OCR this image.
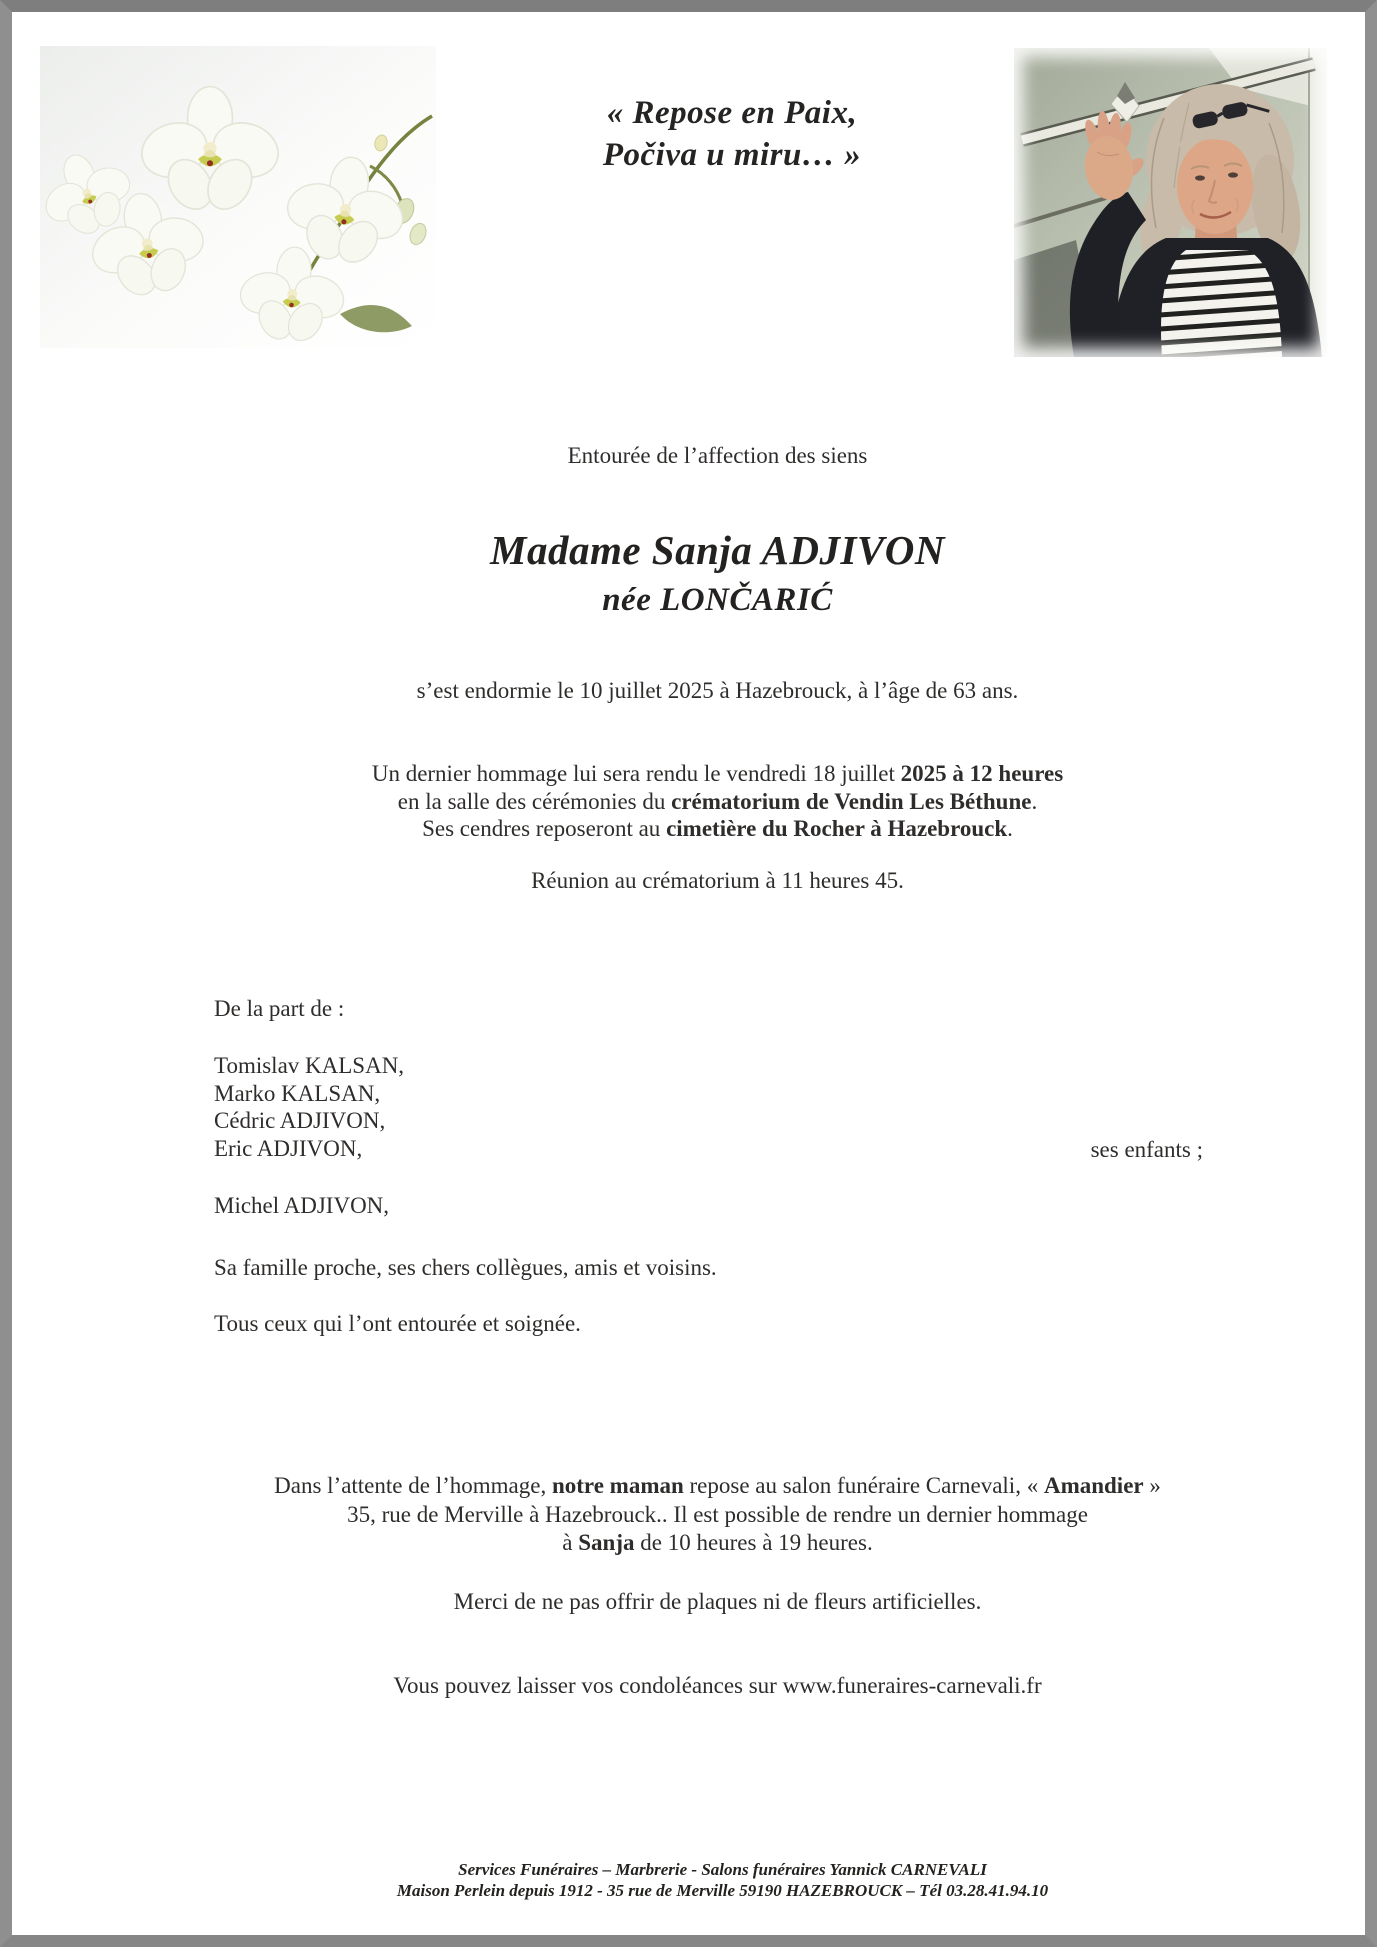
« Repose en Paix,
Počiva u miru… »
Entourée de l’affection des siens
Madame Sanja ADJIVON
née LONČARIĆ
s’est endormie le 10 juillet 2025 à Hazebrouck, à l’âge de 63 ans.
Un dernier hommage lui sera rendu le vendredi 18 juillet 2025 à 12 heures
en la salle des cérémonies du crématorium de Vendin Les Béthune.
Ses cendres reposeront au cimetière du Rocher à Hazebrouck.
Réunion au crématorium à 11 heures 45.
De la part de :
Tomislav KALSAN,
Marko KALSAN,
Cédric ADJIVON,
Eric ADJIVON,	ses enfants ;
Michel ADJIVON,
Sa famille proche, ses chers collègues, amis et voisins.
Tous ceux qui l’ont entourée et soignée.
Dans l’attente de l’hommage, notre maman repose au salon funéraire Carnevali, « Amandier »
35, rue de Merville à Hazebrouck.. Il est possible de rendre un dernier hommage
à Sanja de 10 heures à 19 heures.
Merci de ne pas offrir de plaques ni de fleurs artificielles.
Vous pouvez laisser vos condoléances sur www.funeraires-carnevali.fr
Services Funéraires – Marbrerie - Salons funéraires Yannick CARNEVALI
Maison Perlein depuis 1912 - 35 rue de Merville 59190 HAZEBROUCK – Tél 03.28.41.94.10
